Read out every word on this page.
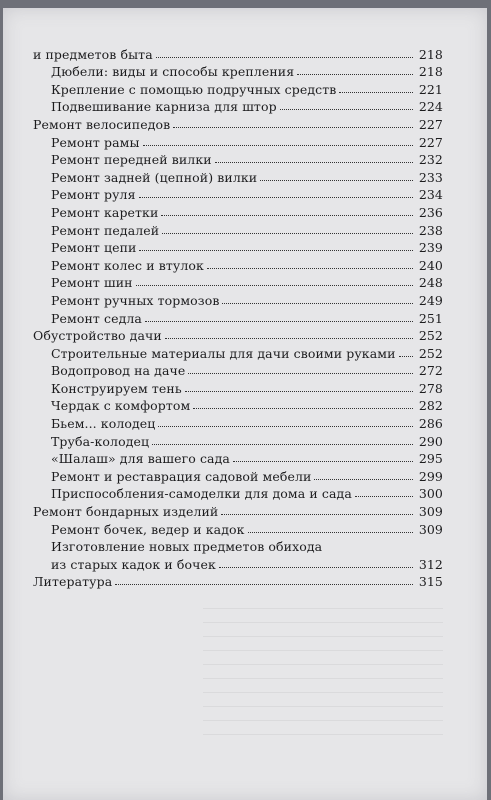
и предметов быта	218
Дюбели: виды и способы крепления	218
Крепление с помощью подручных средств	221
Подвешивание карниза для штор	224
Ремонт велосипедов	227
Ремонт рамы	227
Ремонт передней вилки	232
Ремонт задней (цепной) вилки	233
Ремонт руля	234
Ремонт каретки	236
Ремонт педалей	238
Ремонт цепи	239
Ремонт колес и втулок	240
Ремонт шин	248
Ремонт ручных тормозов	249
Ремонт седла	251
Обустройство дачи	252
Строительные материалы для дачи своими руками	252
Водопровод на даче	272
Конструируем тень	278
Чердак с комфортом	282
Бьем... колодец	286
Труба-колодец	290
«Шалаш» для вашего сада	295
Ремонт и реставрация садовой мебели	299
Приспособления-самоделки для дома и сада	300
Ремонт бондарных изделий	309
Ремонт бочек, ведер и кадок	309
Изготовление новых предметов обихода
из старых кадок и бочек	312
Литература	315
